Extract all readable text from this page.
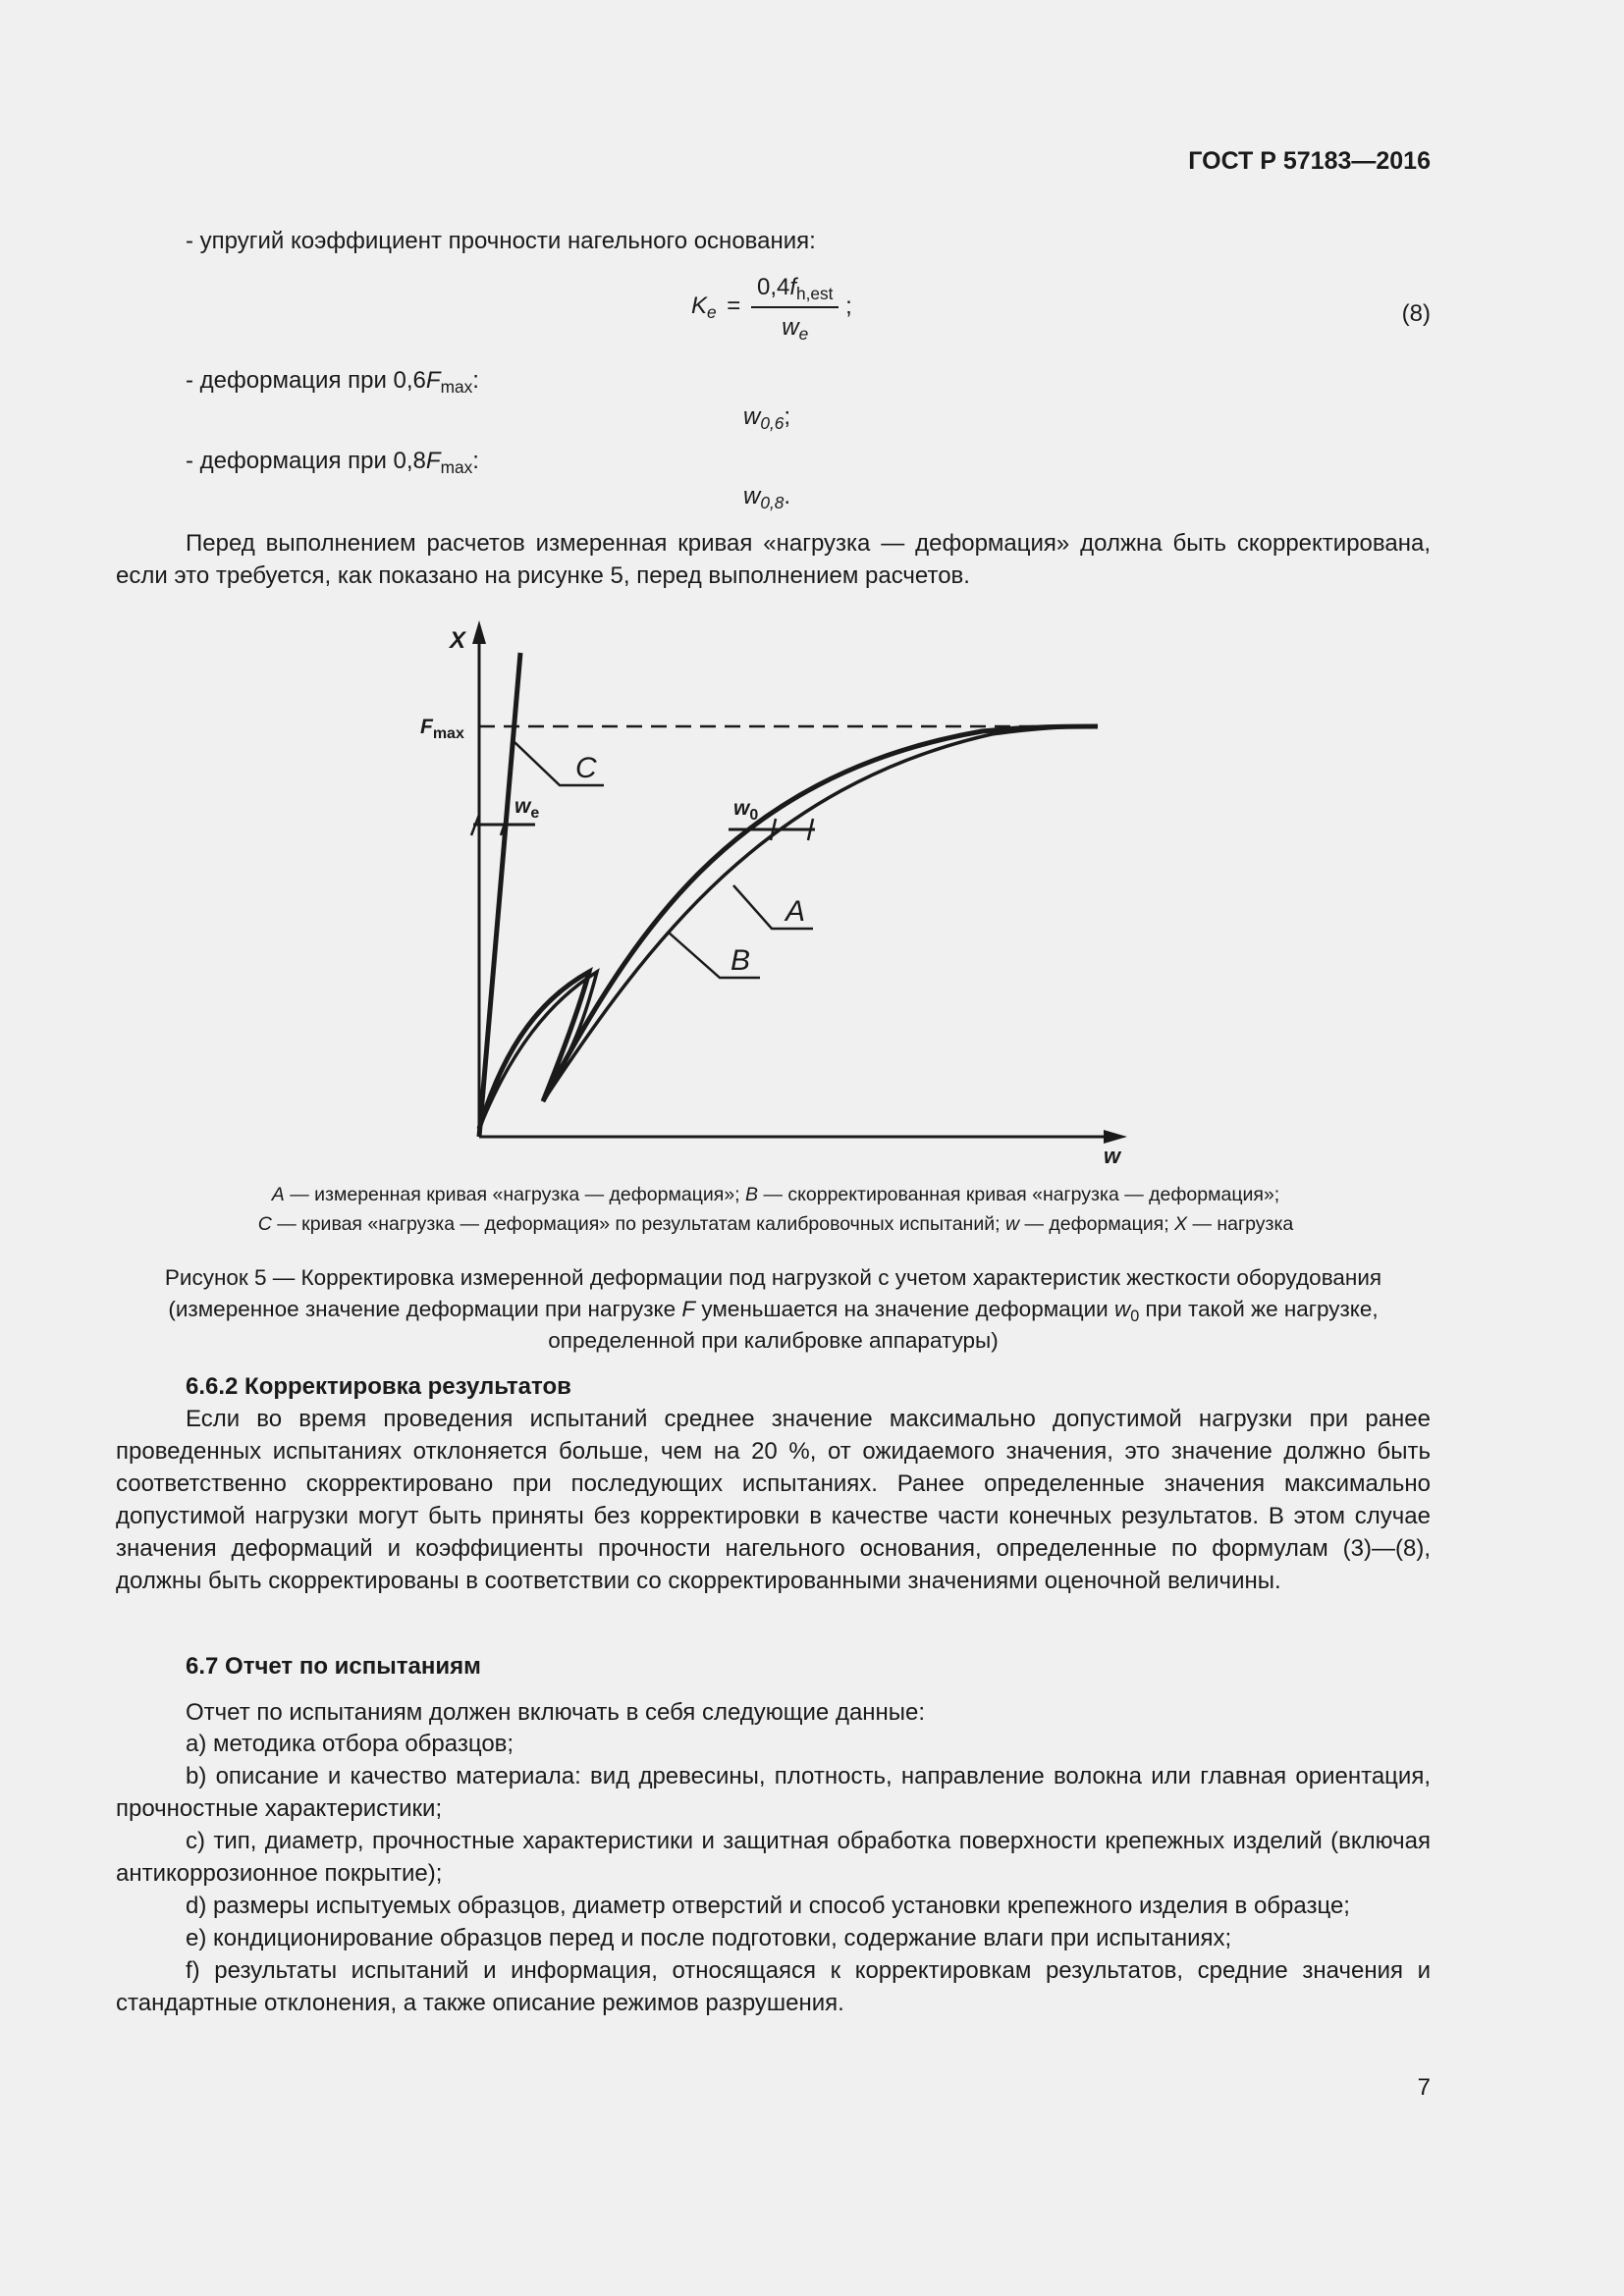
ГОСТ Р 57183—2016
- упругий коэффициент прочности нагельного основания:
$K_e = \frac{0,4f_{h,est}}{w_e}$ ;	(8)
- деформация при $0,6F_{max}$:
$w_{0,6}$;
- деформация при $0,8F_{max}$:
$w_{0,8}$.
Перед выполнением расчетов измеренная кривая «нагрузка — деформация» должна быть скорректирована, если это требуется, как показано на рисунке 5, перед выполнением расчетов.
X
w
$F_{max}$
C
A
B
$w_e$	$w_0$
A — измеренная кривая «нагрузка — деформация»; B — скорректированная кривая «нагрузка — деформация»;
C — кривая «нагрузка — деформация» по результатам калибровочных испытаний; w — деформация; X — нагрузка
Рисунок 5 — Корректировка измеренной деформации под нагрузкой с учетом характеристик жесткости оборудования (измеренное значение деформации при нагрузке F уменьшается на значение деформации $w_0$ при такой же нагрузке, определенной при калибровке аппаратуры)
6.6.2 Корректировка результатов
Если во время проведения испытаний среднее значение максимально допустимой нагрузки при ранее проведенных испытаниях отклоняется больше, чем на 20 %, от ожидаемого значения, это значение должно быть соответственно скорректировано при последующих испытаниях. Ранее определенные значения максимально допустимой нагрузки могут быть приняты без корректировки в качестве части конечных результатов. В этом случае значения деформаций и коэффициенты прочности нагельного основания, определенные по формулам (3)—(8), должны быть скорректированы в соответствии со скорректированными значениями оценочной величины.
6.7 Отчет по испытаниям
Отчет по испытаниям должен включать в себя следующие данные:
a) методика отбора образцов;
b) описание и качество материала: вид древесины, плотность, направление волокна или главная ориентация, прочностные характеристики;
c) тип, диаметр, прочностные характеристики и защитная обработка поверхности крепежных изделий (включая антикоррозионное покрытие);
d) размеры испытуемых образцов, диаметр отверстий и способ установки крепежного изделия в образце;
e) кондиционирование образцов перед и после подготовки, содержание влаги при испытаниях;
f) результаты испытаний и информация, относящаяся к корректировкам результатов, средние значения и стандартные отклонения, а также описание режимов разрушения.
7
